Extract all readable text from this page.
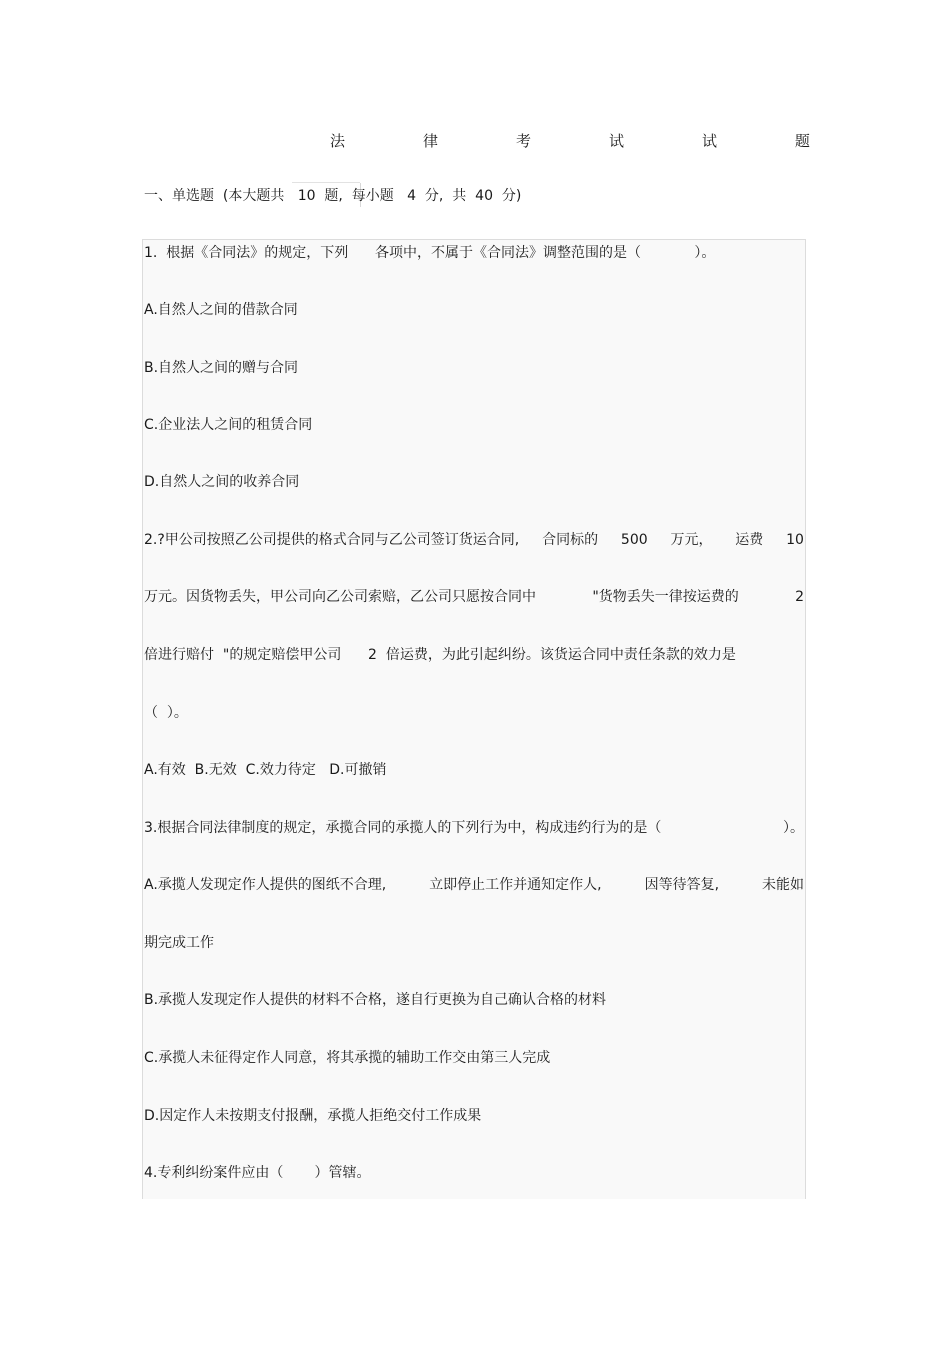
法	律	考	试	试	题
一、单选题  (本大题共   10  题,  每小题   4  分,  共  40  分)
1.  根据《合同法》的规定，下列      各项中，不属于《合同法》调整范围的是（            ）。
A.自然人之间的借款合同
B.自然人之间的赠与合同
C.企业法人之间的租赁合同
D.自然人之间的收养合同
2.?甲公司按照乙公司提供的格式合同与乙公司签订货运合同, 合同标的 500 万元， 运费 10
万元。因货物丢失，甲公司向乙公司索赔，乙公司只愿按合同中	"货物丢失一律按运费的	2
倍进行赔付  "的规定赔偿甲公司      2  倍运费，为此引起纠纷。该货运合同中责任条款的效力是
（  ）。
A.有效  B.无效  C.效力待定   D.可撤销
3.根据合同法律制度的规定，承揽合同的承揽人的下列行为中，构成违约行为的是（	）。
A.承揽人发现定作人提供的图纸不合理,	立即停止工作并通知定作人,	因等待答复,	未能如
期完成工作
B.承揽人发现定作人提供的材料不合格，遂自行更换为自己确认合格的材料
C.承揽人未征得定作人同意，将其承揽的辅助工作交由第三人完成
D.因定作人未按期支付报酬，承揽人拒绝交付工作成果
4.专利纠纷案件应由（       ）管辖。
